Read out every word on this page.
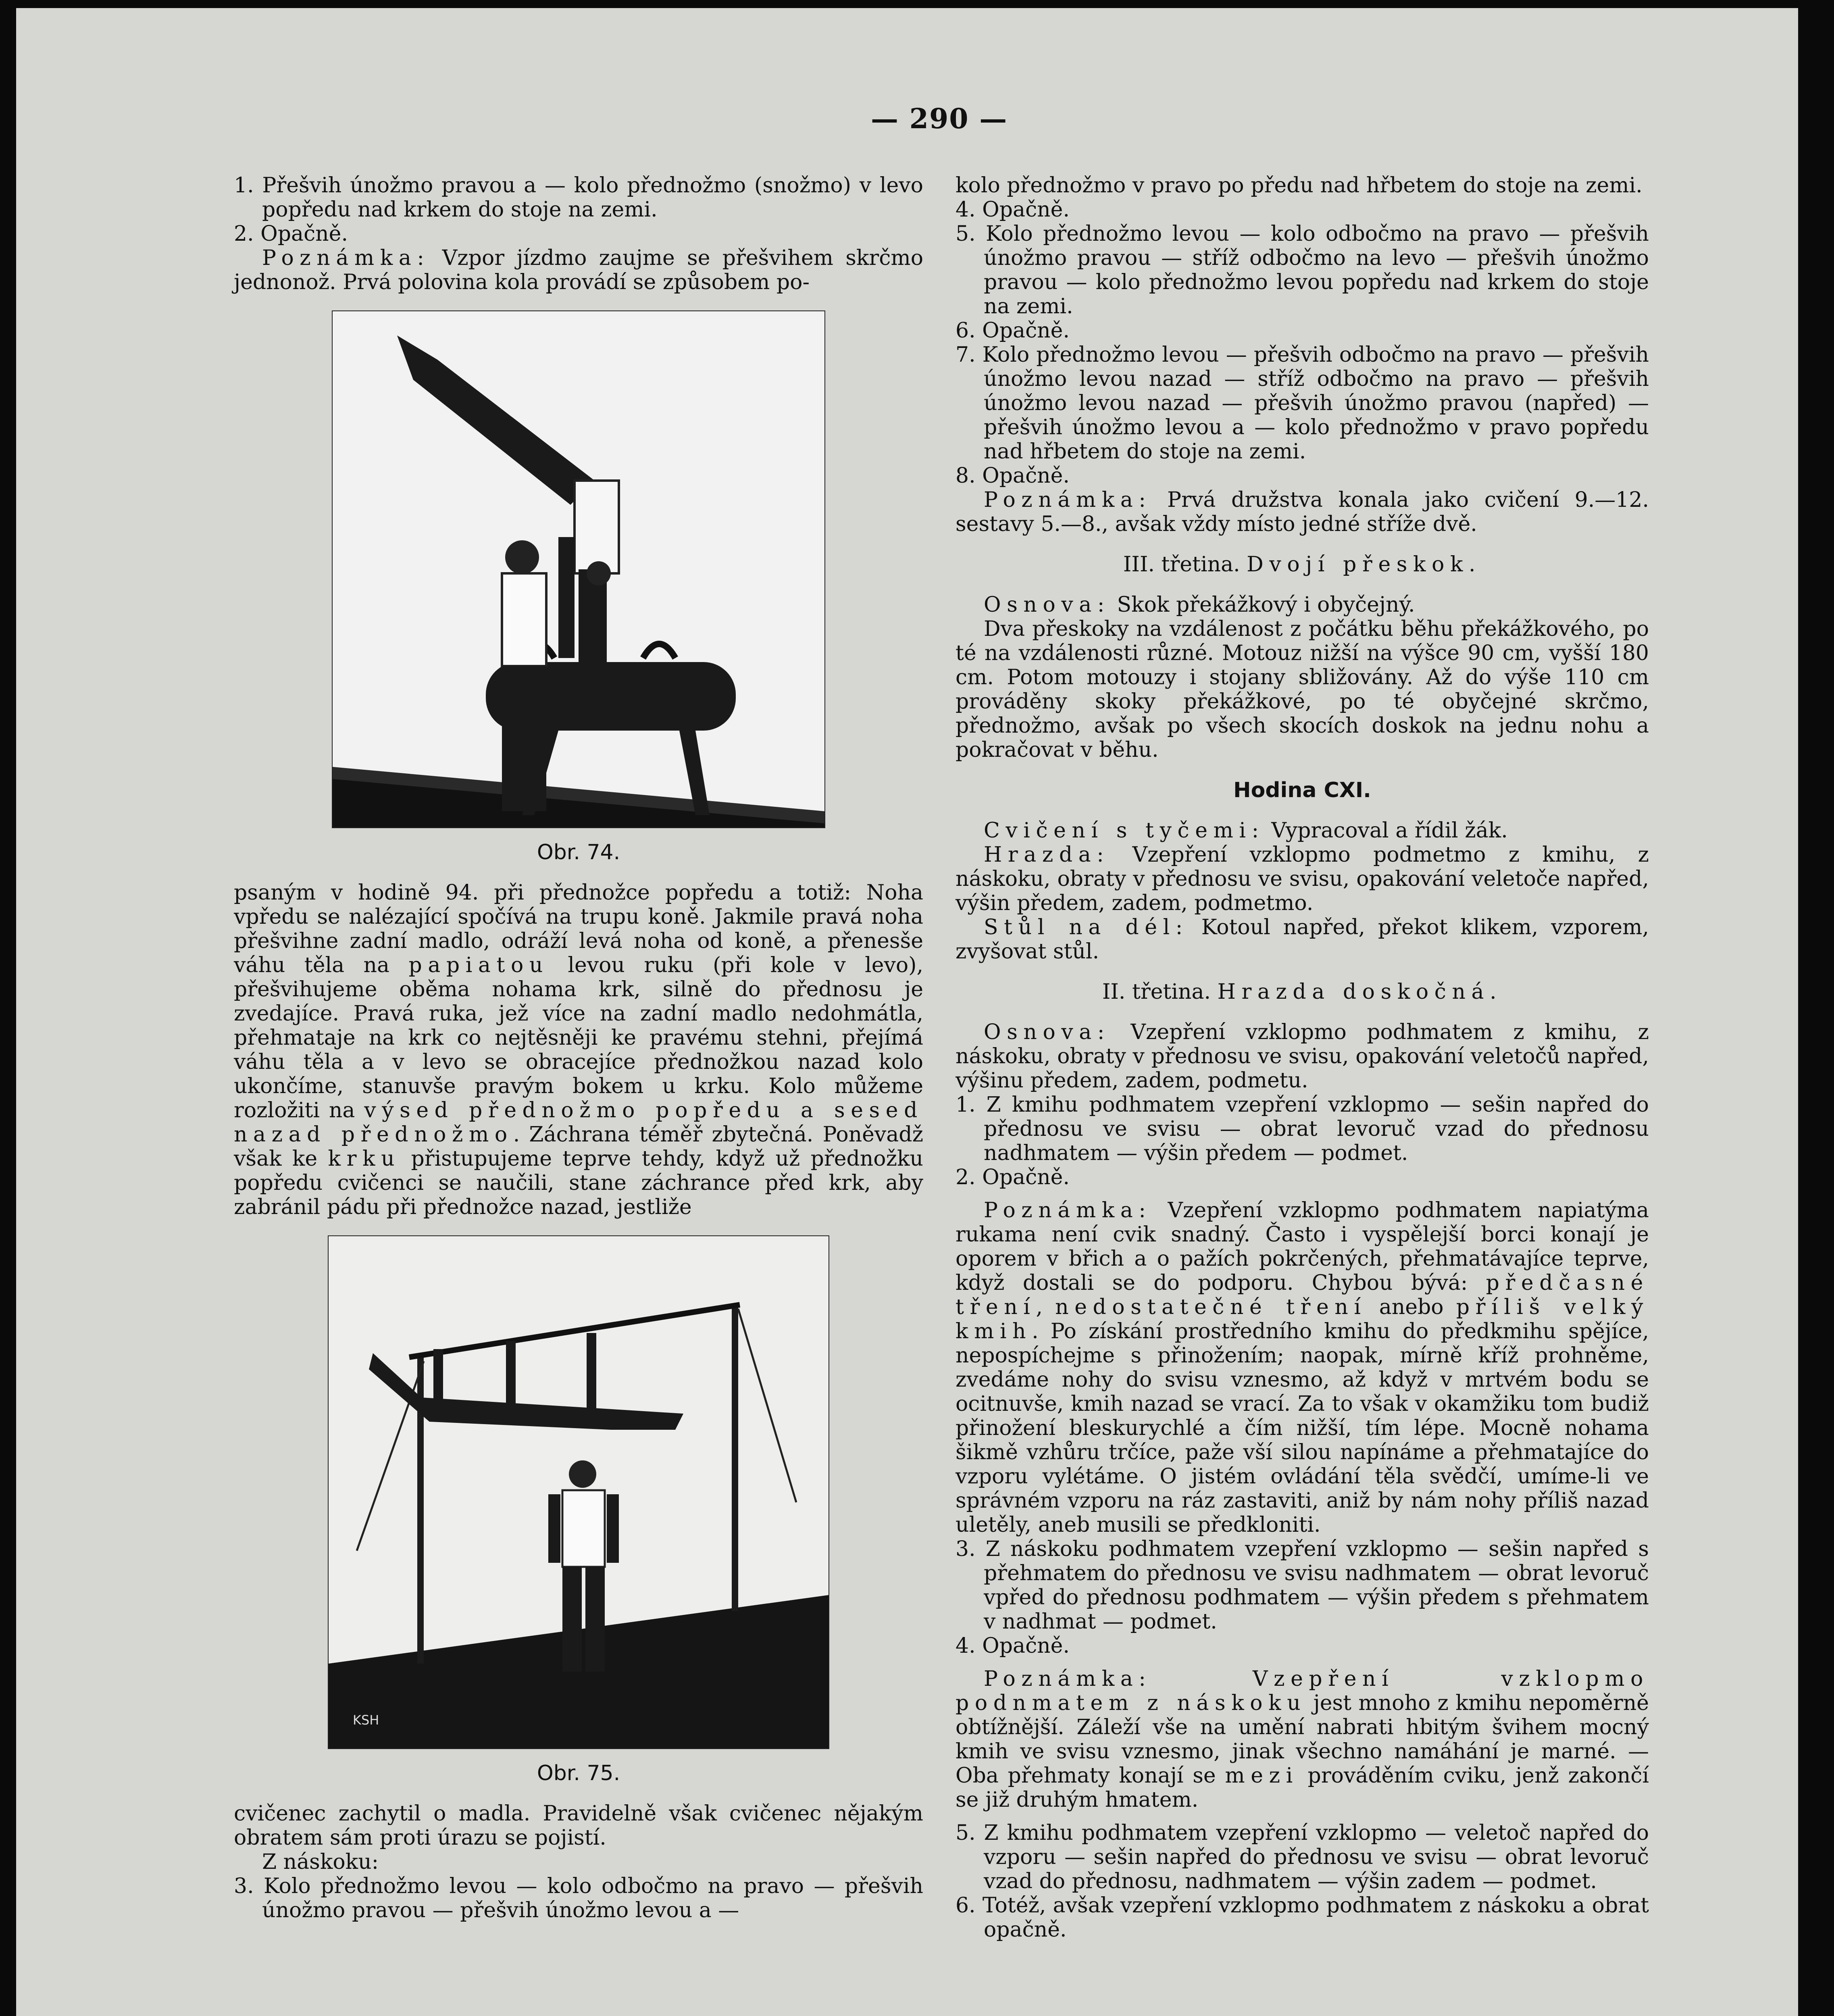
— 290 —
1. Přešvih únožmo pravou a — kolo přednožmo (snožmo) v levo popředu nad krkem do stoje na zemi.
2. Opačně.

Poznámka: Vzpor jízdmo zaujme se přešvihem skrčmo jednonož. Prvá polovina kola provádí se způsobem po-

Obr. 74.

psaným v hodině 94. při přednožce popředu a totiž: Noha vpředu se nalézající spočívá na trupu koně. Jakmile pravá noha přešvihne zadní madlo, odráží levá noha od koně, a přenesše váhu těla na papiatou levou ruku (při kole v levo), přešvihujeme oběma nohama krk, silně do přednosu je zvedajíce. Pravá ruka, jež více na zadní madlo nedohmátla, přehmataje na krk co nejtěsněji ke pravému stehni, přejímá váhu těla a v levo se obracejíce přednožkou nazad kolo ukončíme, stanuvše pravým bokem u krku. Kolo můžeme rozložiti na výsed přednožmo popředu a sesed nazad přednožmo. Záchrana téměř zbytečná. Poněvadž však ke krku přistupujeme teprve tehdy, když už přednožku popředu cvičenci se naučili, stane záchrance před krk, aby zabránil pádu při přednožce nazad, jestliže

KSH
Obr. 75.

cvičenec zachytil o madla. Pravidelně však cvičenec nějakým obratem sám proti úrazu se pojistí.

Z náskoku:

3. Kolo přednožmo levou — kolo odbočmo na pravo — přešvih únožmo pravou — přešvih únožmo levou a —

kolo přednožmo v pravo po předu nad hřbetem do stoje na zemi.

4. Opačně.
5. Kolo přednožmo levou — kolo odbočmo na pravo — přešvih únožmo pravou — stříž odbočmo na levo — přešvih únožmo pravou — kolo přednožmo levou popředu nad krkem do stoje na zemi.
6. Opačně.
7. Kolo přednožmo levou — přešvih odbočmo na pravo — přešvih únožmo levou nazad — stříž odbočmo na pravo — přešvih únožmo levou nazad — přešvih únožmo pravou (napřed) — přešvih únožmo levou a — kolo přednožmo v pravo popředu nad hřbetem do stoje na zemi.
8. Opačně.

Poznámka: Prvá družstva konala jako cvičení 9.—12. sestavy 5.—8., avšak vždy místo jedné stříže dvě.

III. třetina. Dvojí přeskok.

Osnova: Skok překážkový i obyčejný.

Dva přeskoky na vzdálenost z počátku běhu překážkového, po té na vzdálenosti různé. Motouz nižší na výšce 90 cm, vyšší 180 cm. Potom motouzy i stojany sbližovány. Až do výše 110 cm prováděny skoky překážkové, po té obyčejné skrčmo, přednožmo, avšak po všech skocích doskok na jednu nohu a pokračovat v běhu.

Hodina CXI.

Cvičení s tyčemi: Vypracoval a řídil žák.

Hrazda: Vzepření vzklopmo podmetmo z kmihu, z náskoku, obraty v přednosu ve svisu, opakování veletoče napřed, výšin předem, zadem, podmetmo.

Stůl na dél: Kotoul napřed, překot klikem, vzporem, zvyšovat stůl.

II. třetina. Hrazda doskočná.

Osnova: Vzepření vzklopmo podhmatem z kmihu, z náskoku, obraty v přednosu ve svisu, opakování veletočů napřed, výšinu předem, zadem, podmetu.

1. Z kmihu podhmatem vzepření vzklopmo — sešin napřed do přednosu ve svisu — obrat levoruč vzad do přednosu nadhmatem — výšin předem — podmet.
2. Opačně.

Poznámka: Vzepření vzklopmo podhmatem napiatýma rukama není cvik snadný. Často i vyspělejší borci konají je oporem v břich a o pažích pokrčených, přehmatávajíce teprve, když dostali se do podporu. Chybou bývá: předčasné tření, nedostatečné tření anebo příliš velký kmih. Po získání prostředního kmihu do předkmihu spějíce, nepospíchejme s přinožením; naopak, mírně kříž prohněme, zvedáme nohy do svisu vznesmo, až když v mrtvém bodu se ocitnuvše, kmih nazad se vrací. Za to však v okamžiku tom budiž přinožení bleskurychlé a čím nižší, tím lépe. Mocně nohama šikmě vzhůru trčíce, paže vší silou napínáme a přehmatajíce do vzporu vylétáme. O jistém ovládání těla svědčí, umíme-li ve správném vzporu na ráz zastaviti, aniž by nám nohy příliš nazad uletěly, aneb musili se předkloniti.

3. Z náskoku podhmatem vzepření vzklopmo — sešin napřed s přehmatem do přednosu ve svisu nadhmatem — obrat levoruč vpřed do přednosu podhmatem — výšin předem s přehmatem v nadhmat — podmet.
4. Opačně.

Poznámka:	Vzepření vzklopmo podnmatem z náskoku jest mnoho z kmihu nepoměrně obtížnější. Záleží vše na umění nabrati hbitým švihem mocný kmih ve svisu vznesmo, jinak všechno namáhání je marné. — Oba přehmaty konají se mezi prováděním cviku, jenž zakončí se již druhým hmatem.

5. Z kmihu podhmatem vzepření vzklopmo — veletoč napřed do vzporu — sešin napřed do přednosu ve svisu — obrat levoruč vzad do přednosu, nadhmatem — výšin zadem — podmet.
6. Totéž, avšak vzepření vzklopmo podhmatem z náskoku a obrat opačně.
